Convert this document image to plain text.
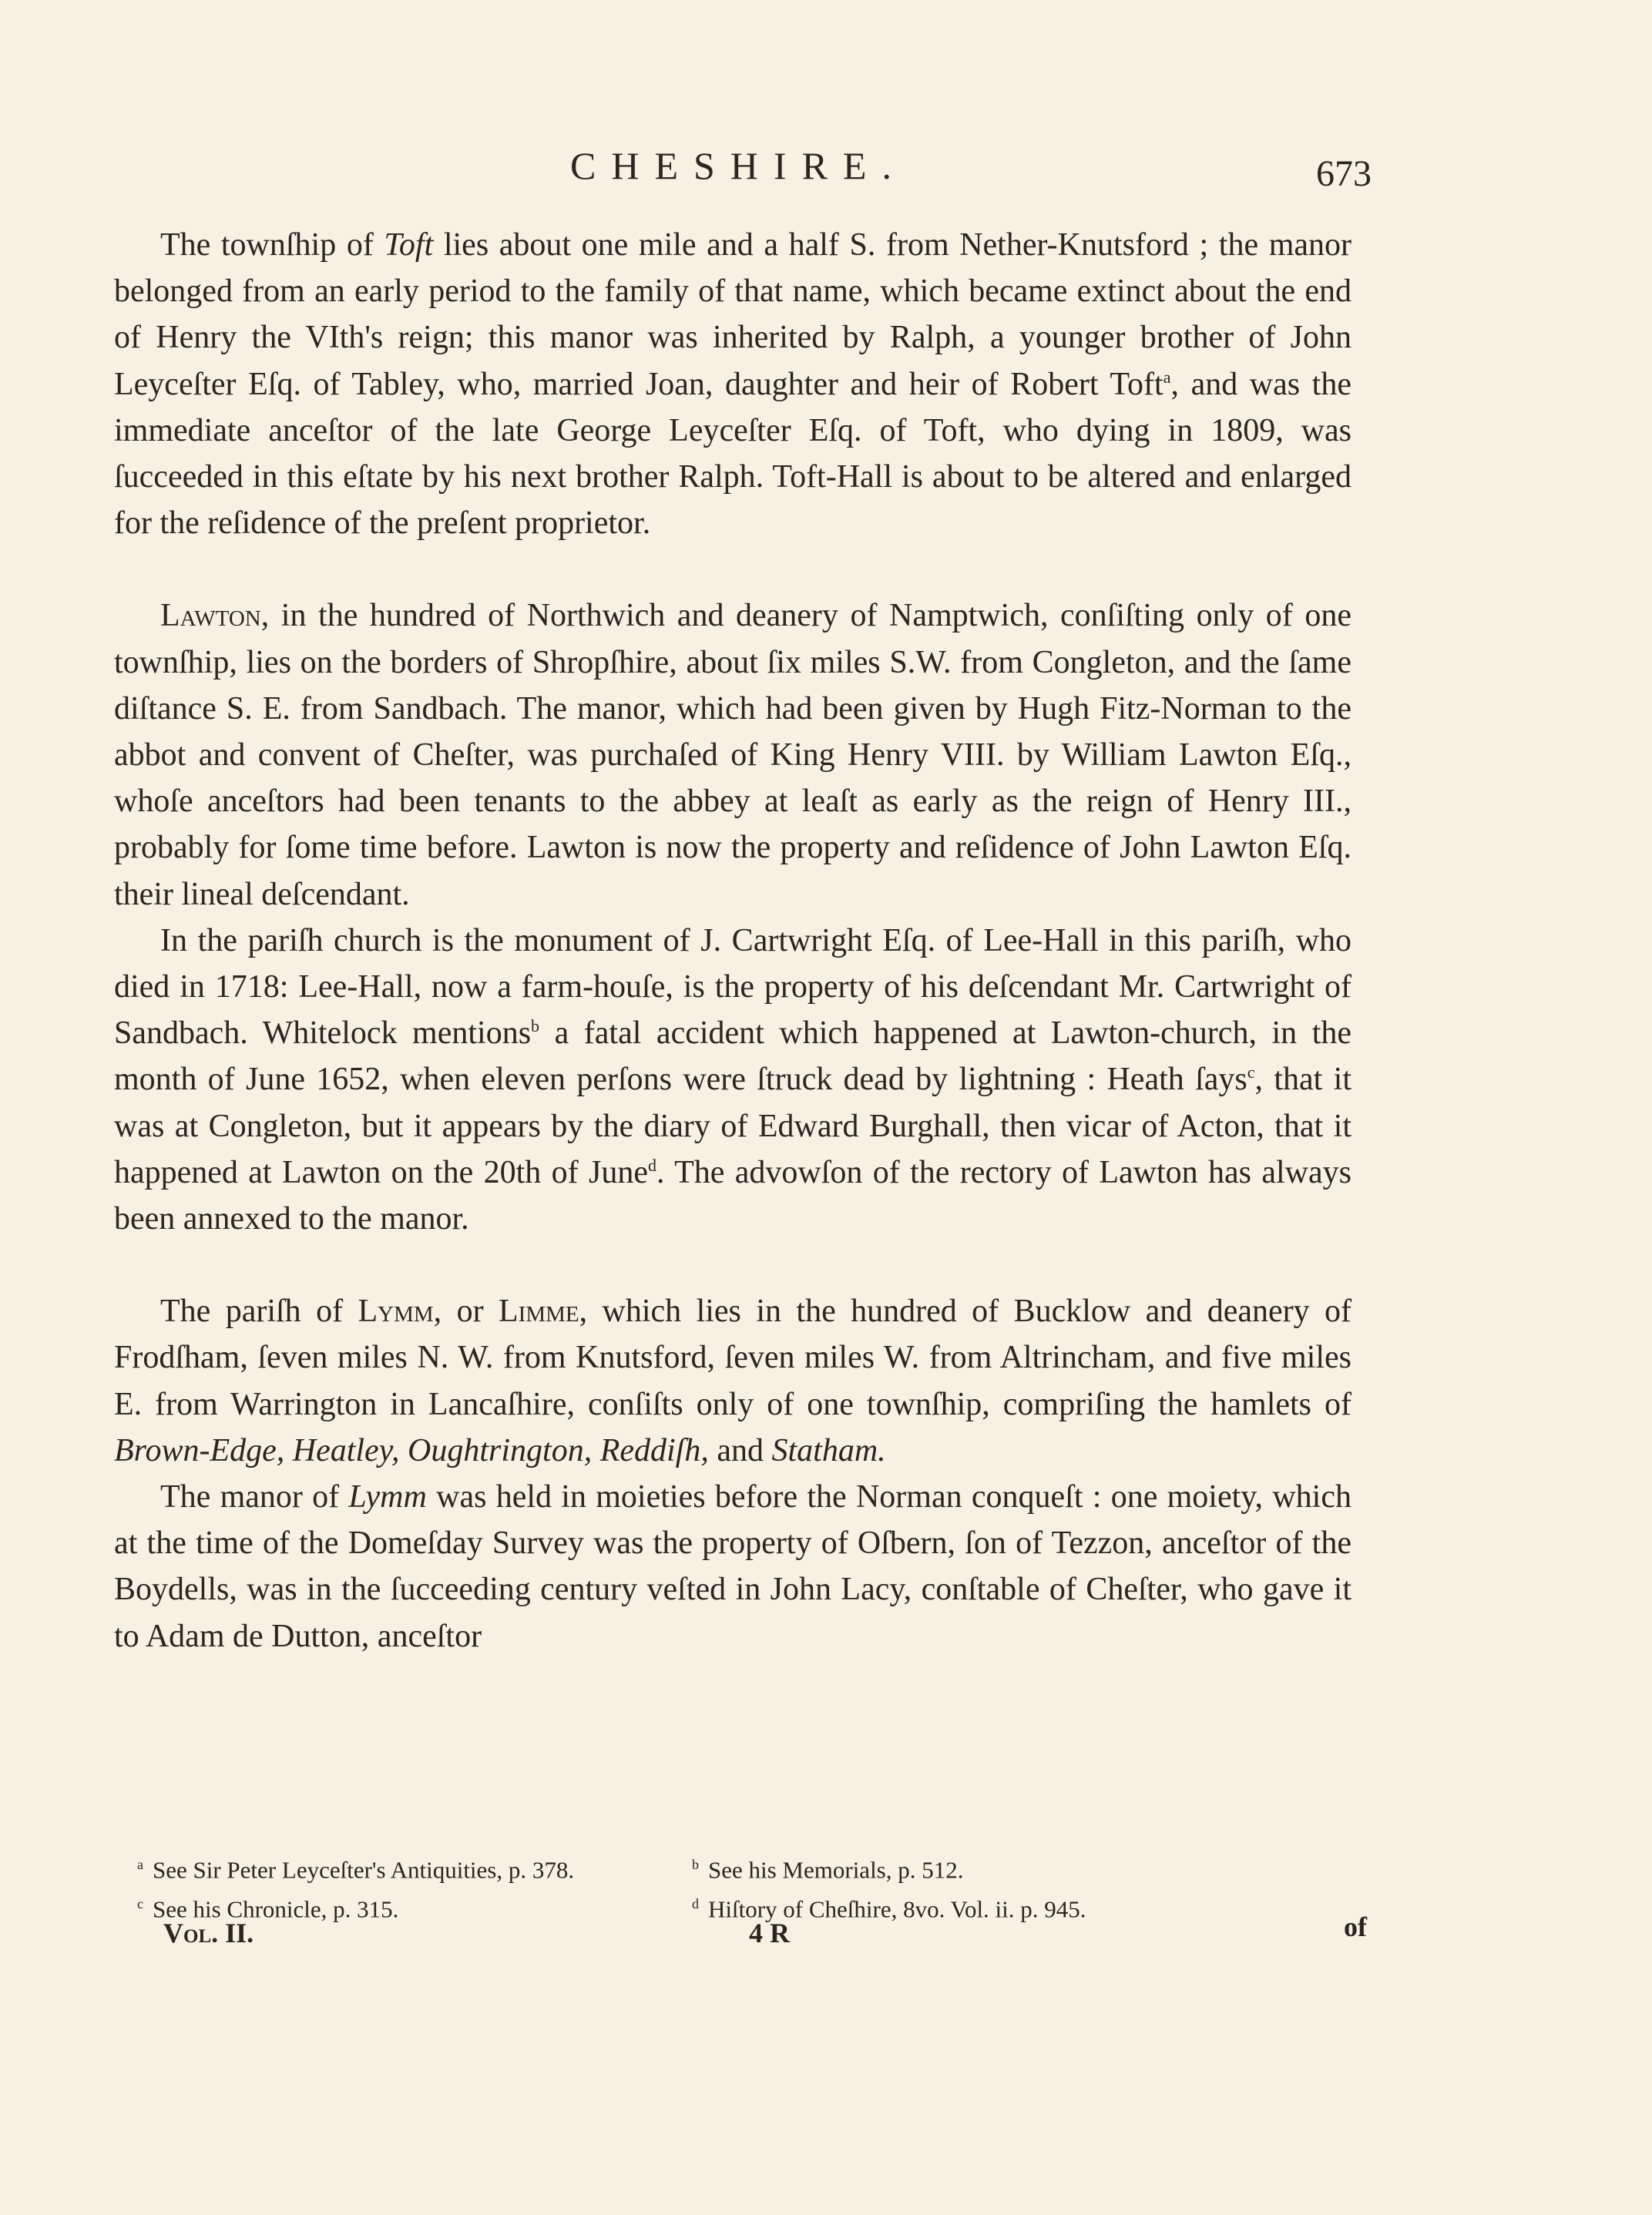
CHESHIRE.	673

The townſhip of Toft lies about one mile and a half S. from Nether-Knutsford ; the manor belonged from an early period to the family of that name, which became extinct about the end of Henry the VIth's reign; this manor was inherited by Ralph, a younger brother of John Leyceſter Eſq. of Tabley, who, married Joan, daughter and heir of Robert Toft$^a$, and was the immediate anceſtor of the late George Leyceſter Eſq. of Toft, who dying in 1809, was ſucceeded in this eſtate by his next brother Ralph. Toft-Hall is about to be altered and enlarged for the reſidence of the preſent proprietor.

Lawton, in the hundred of Northwich and deanery of Namptwich, conſiſting only of one townſhip, lies on the borders of Shropſhire, about ſix miles S.W. from Congleton, and the ſame diſtance S. E. from Sandbach. The manor, which had been given by Hugh Fitz-Norman to the abbot and convent of Cheſter, was purchaſed of King Henry VIII. by William Lawton Eſq., whoſe anceſtors had been tenants to the abbey at leaſt as early as the reign of Henry III., probably for ſome time before. Lawton is now the property and reſidence of John Lawton Eſq. their lineal deſcendant.

In the pariſh church is the monument of J. Cartwright Eſq. of Lee-Hall in this pariſh, who died in 1718: Lee-Hall, now a farm-houſe, is the property of his deſcendant Mr. Cartwright of Sandbach. Whitelock mentions$^b$ a fatal accident which happened at Lawton-church, in the month of June 1652, when eleven perſons were ſtruck dead by lightning : Heath ſays$^c$, that it was at Congleton, but it appears by the diary of Edward Burghall, then vicar of Acton, that it happened at Lawton on the 20th of June$^d$. The advowſon of the rectory of Lawton has always been annexed to the manor.

The pariſh of Lymm, or Limme, which lies in the hundred of Bucklow and deanery of Frodſham, ſeven miles N. W. from Knutsford, ſeven miles W. from Altrincham, and five miles E. from Warrington in Lancaſhire, conſiſts only of one townſhip, compriſing the hamlets of Brown-Edge, Heatley, Oughtrington, Reddiſh, and Statham.

The manor of Lymm was held in moieties before the Norman conqueſt : one moiety, which at the time of the Domeſday Survey was the property of Oſbern, ſon of Tezzon, anceſtor of the Boydells, was in the ſucceeding century veſted in John Lacy, conſtable of Cheſter, who gave it to Adam de Dutton, anceſtor

$^a$ See Sir Peter Leyceſter's Antiquities, p. 378.	$^b$ See his Memorials, p. 512.
$^c$ See his Chronicle, p. 315.	$^d$ Hiſtory of Cheſhire, 8vo. Vol. ii. p. 945.
Vol. II.	4 R	of
